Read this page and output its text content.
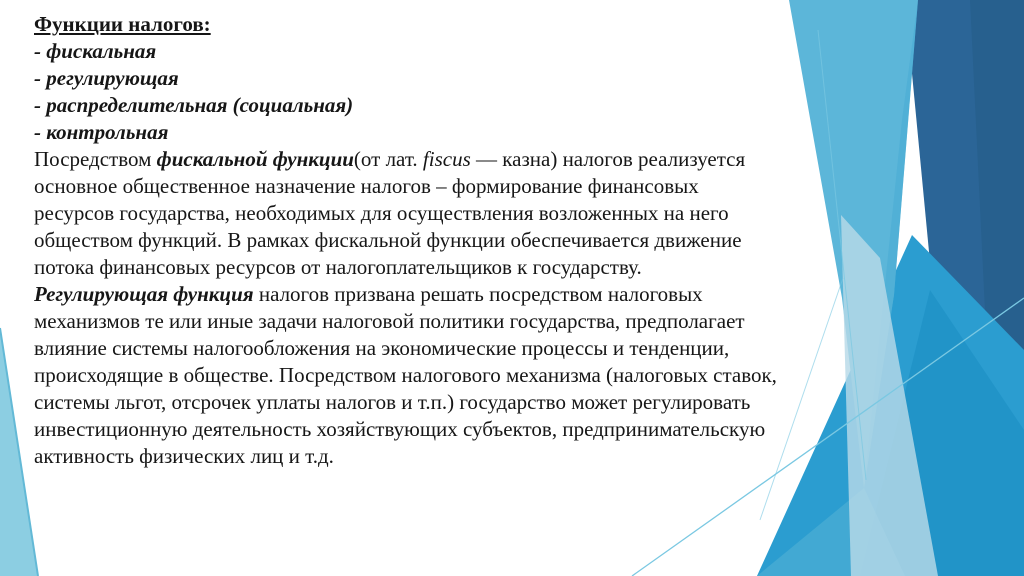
Функции налогов:

- фискальная

- регулирующая

- распределительная (социальная)

- контрольная

Посредством фискальной функции(от лат. fiscus — казна) налогов реализуется основное общественное назначение налогов – формирование финансовых ресурсов государства, необходимых для осуществления возложенных на него обществом функций. В рамках фискальной функции обеспечивается движение потока финансовых ресурсов от налогоплательщиков к государству.

Регулирующая функция налогов призвана решать посредством налоговых механизмов те или иные задачи налоговой политики государства, предполагает влияние системы налогообложения на экономические процессы и тенденции, происходящие в обществе. Посредством налогового механизма (налоговых ставок, системы льгот, отсрочек уплаты налогов и т.п.) государство может регулировать инвестиционную деятельность хозяйствующих субъектов, предпринимательскую активность физических лиц и т.д.
